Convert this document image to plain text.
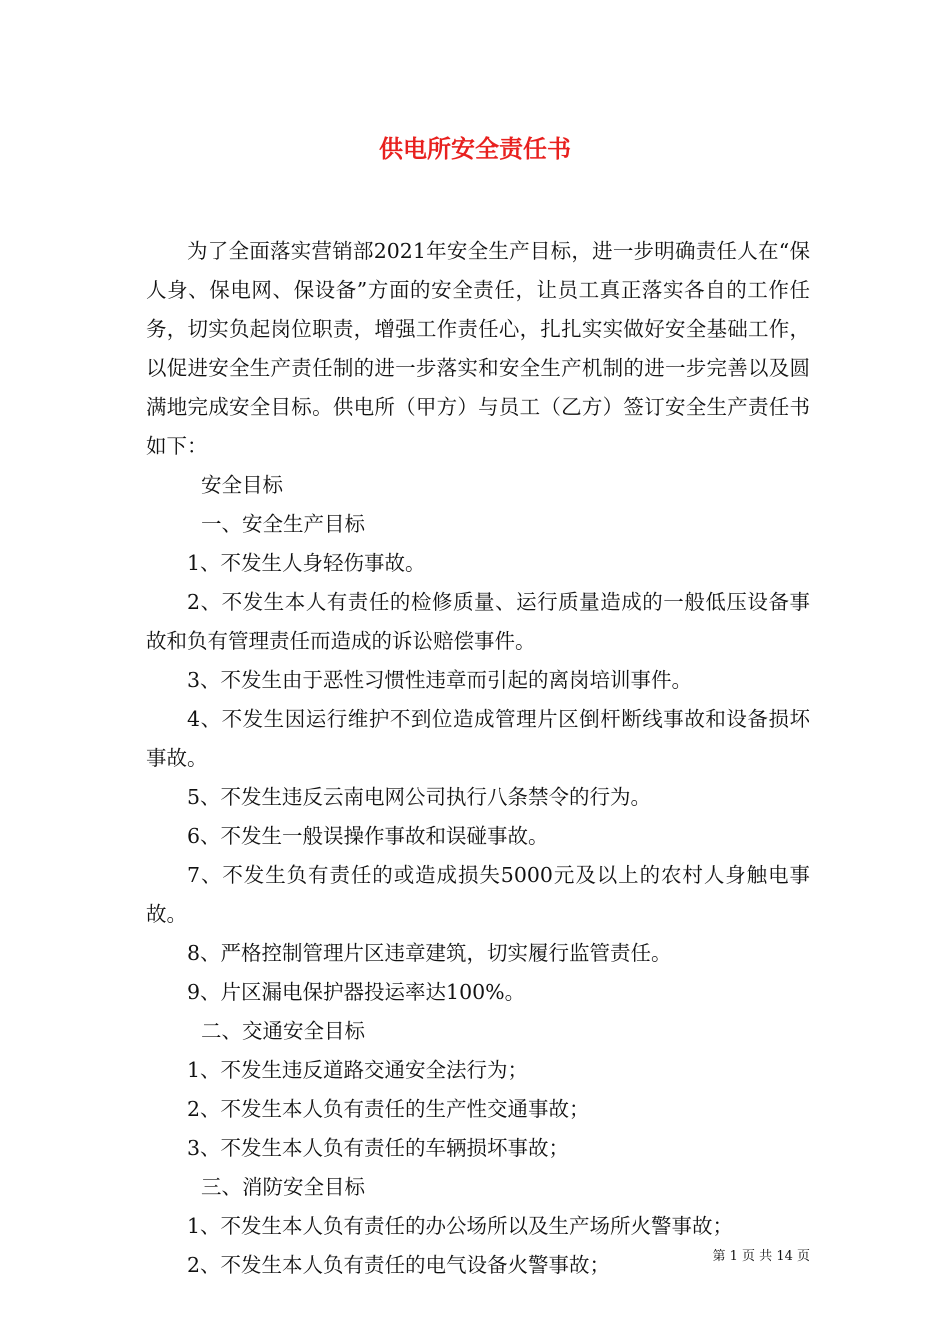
供电所安全责任书

为了全面落实营销部2021年安全生产目标，进一步明确责任人在“保人身、保电网、保设备”方面的安全责任，让员工真正落实各自的工作任务，切实负起岗位职责，增强工作责任心，扎扎实实做好安全基础工作，以促进安全生产责任制的进一步落实和安全生产机制的进一步完善以及圆满地完成安全目标。供电所（甲方）与员工（乙方）签订安全生产责任书如下：

安全目标

一、安全生产目标

1、不发生人身轻伤事故。

2、不发生本人有责任的检修质量、运行质量造成的一般低压设备事故和负有管理责任而造成的诉讼赔偿事件。

3、不发生由于恶性习惯性违章而引起的离岗培训事件。

4、不发生因运行维护不到位造成管理片区倒杆断线事故和设备损坏事故。

5、不发生违反云南电网公司执行八条禁令的行为。

6、不发生一般误操作事故和误碰事故。

7、不发生负有责任的或造成损失5000元及以上的农村人身触电事故。

8、严格控制管理片区违章建筑，切实履行监管责任。

9、片区漏电保护器投运率达100%。

二、交通安全目标

1、不发生违反道路交通安全法行为；

2、不发生本人负有责任的生产性交通事故；

3、不发生本人负有责任的车辆损坏事故；

三、消防安全目标

1、不发生本人负有责任的办公场所以及生产场所火警事故；

2、不发生本人负有责任的电气设备火警事故；	第 1 页 共 14 页
